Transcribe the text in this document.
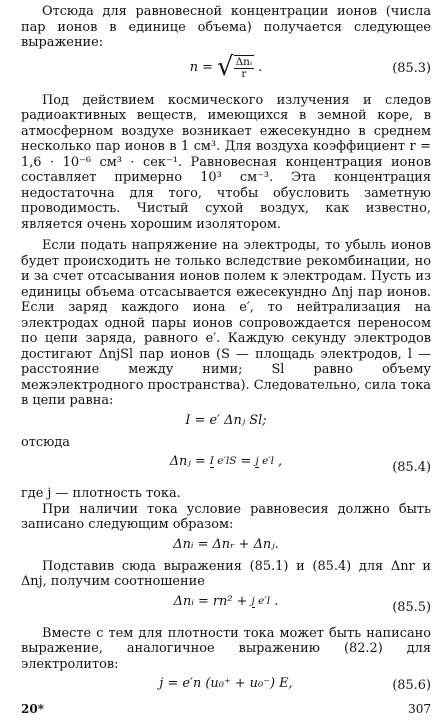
Отсюда для равновесной концентрации ионов (числа пар ионов в единице объема) получается следующее выражение:

n = √ $\frac{\text{Δnᵢ}}{r}$ .	(85.3)

Под действием космического излучения и следов радиоактивных веществ, имеющихся в земной коре, в атмосферном воздухе возникает ежесекундно в среднем несколько пар ионов в 1 см³. Для воздуха коэффициент r = 1,6 · 10⁻⁶ см³ · сек⁻¹. Равновесная концентрация ионов составляет примерно 10³ см⁻³. Эта концентрация недостаточна для того, чтобы обусловить заметную проводимость. Чистый сухой воздух, как известно, является очень хорошим изолятором.

Если подать напряжение на электроды, то убыль ионов будет происходить не только вследствие рекомбинации, но и за счет отсасывания ионов полем к электродам. Пусть из единицы объема отсасывается ежесекундно Δnj пар ионов. Если заряд каждого иона e′, то нейтрализация на электродах одной пары ионов сопровождается переносом по цепи заряда, равного e′. Каждую секунду электродов достигают ΔnjSl пар ионов (S — площадь электродов, l — расстояние между ними; Sl равно объему межэлектродного пространства). Следовательно, сила тока в цепи равна:

I = e′ Δnⱼ Sl;

отсюда

Δnⱼ = I e′lS = j e′l ,	(85.4)

где j — плотность тока.

При наличии тока условие равновесия должно быть записано следующим образом:

Δnᵢ = Δnᵣ + Δnⱼ.

Подставив сюда выражения (85.1) и (85.4) для Δnr и Δnj, получим соотношение

Δnᵢ = rn² + j e′l .	(85.5)

Вместе с тем для плотности тока может быть написано выражение, аналогичное выражению (82.2) для электролитов:

j = e′n (u₀⁺ + u₀⁻) E,	(85.6)
20*	307
